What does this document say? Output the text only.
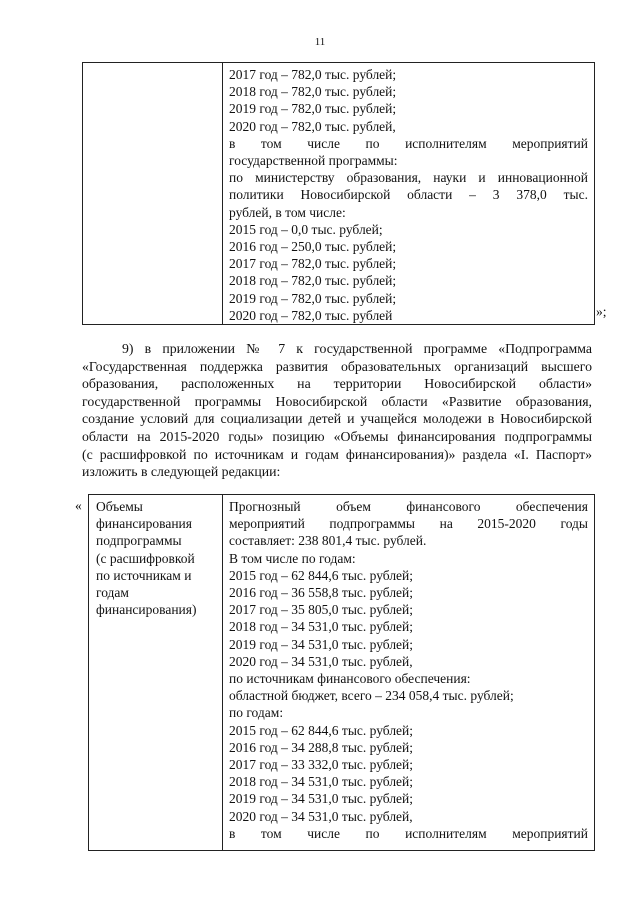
11

2017 год – 782,0 тыс. рублей;
2018 год – 782,0 тыс. рублей;
2019 год – 782,0 тыс. рублей;
2020 год – 782,0 тыс. рублей,
в том числе по исполнителям мероприятий
государственной программы:
по министерству образования, науки и инновационной
политики Новосибирской области – 3 378,0 тыс.
рублей, в том числе:
2015 год – 0,0 тыс. рублей;
2016 год – 250,0 тыс. рублей;
2017 год – 782,0 тыс. рублей;
2018 год – 782,0 тыс. рублей;
2019 год – 782,0 тыс. рублей;
2020 год – 782,0 тыс. рублей	»;
9) в приложении № 7 к государственной программе «Подпрограмма
«Государственная поддержка развития образовательных организаций высшего
образования, расположенных на территории Новосибирской области»
государственной программы Новосибирской области «Развитие образования,
создание условий для социализации детей и учащейся молодежи в Новосибирской
области на 2015-2020 годы» позицию «Объемы финансирования подпрограммы
(с расшифровкой по источникам и годам финансирования)» раздела «I. Паспорт»
изложить в следующей редакции:
« Объемы
финансирования
подпрограммы
(с расшифровкой
по источникам и
годам
финансирования)

Прогнозный объем финансового обеспечения
мероприятий подпрограммы на 2015-2020 годы
составляет: 238 801,4 тыс. рублей.
В том числе по годам:
2015 год – 62 844,6 тыс. рублей;
2016 год – 36 558,8 тыс. рублей;
2017 год – 35 805,0 тыс. рублей;
2018 год – 34 531,0 тыс. рублей;
2019 год – 34 531,0 тыс. рублей;
2020 год – 34 531,0 тыс. рублей,
по источникам финансового обеспечения:
областной бюджет, всего – 234 058,4 тыс. рублей;
по годам:
2015 год – 62 844,6 тыс. рублей;
2016 год – 34 288,8 тыс. рублей;
2017 год – 33 332,0 тыс. рублей;
2018 год – 34 531,0 тыс. рублей;
2019 год – 34 531,0 тыс. рублей;
2020 год – 34 531,0 тыс. рублей,
в том числе по исполнителям мероприятий
